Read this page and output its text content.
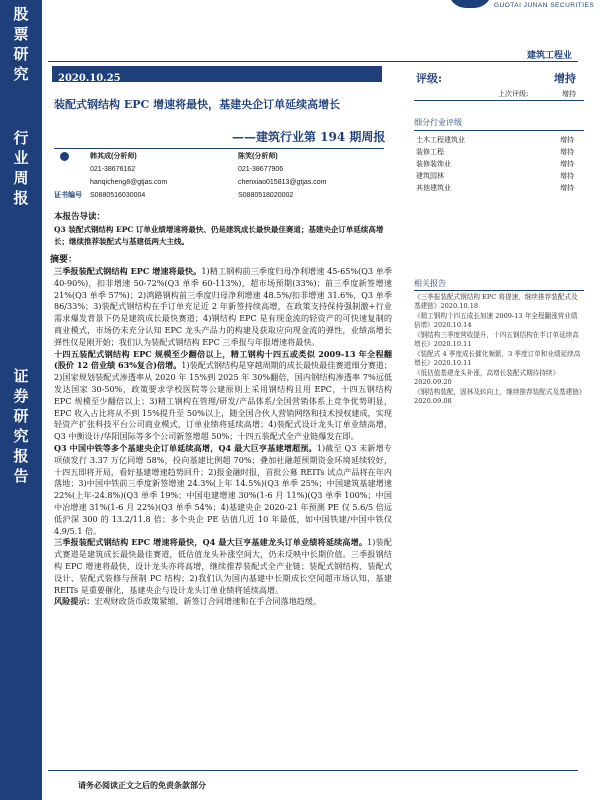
股
票
研
究
行
业
周
报
证
券
研
究
报
告
GUOTAI JUNAN SECURITIES
建筑工程业
2020.10.25
装配式钢结构 EPC 增速将最快，基建央企订单延续高增长
——建筑行业第 194 期周报
韩其成(分析师)	陈笑(分析师)
021-38676162	021-38677906
hanqicheng8@gtjas.com	chenxiao015813@gtjas.com
证书编号 S0880516030004	S0880518020002
评级:	增持
上次评级:	增持
细分行业评级
土木工程建筑业	增持
装修工程	增持
装修装饰业	增持
建筑园林	增持
其他建筑业	增持
相关报告
《三季报装配式钢结构 EPC 将提速，继续推荐装配式及基建链》2020.10.18
《精工钢构十四五成长加速 2009-13 年全程翻涨营业绩倍增》2020.10.14
《钢结构三季度营收提升，十四五钢结构在半订单延续高增长》2020.10.11
《装配式 4 季度成长催化频繁，3 季度订单和业绩延续高增长》2020.10.11
《低估值基建龙头补涨，高增长装配式期待持续》2020.09.20
《钢结构装配，固林及转向上，继续推荐装配式及基建链》2020.09.08
本报告导读：
Q3 装配式钢结构 EPC 订单业绩增速将最快、仍是建筑成长最快最佳赛道；基建央企订单延续高增长；继续推荐装配式与基建低两大主线。
摘要：

三季报装配式钢结构 EPC 增速将最快。1)精工钢构前三季度归母净利增速 45-65%(Q3 单季 40-90%)，扣非增速 50-72%(Q3 单季 60-113%)，超市场预期(33%)；前三季度新签增速 21%(Q3 单季 57%)；2)鸿路钢构前三季度归母净利增速 48.5%/扣非增速 31.6%，Q3 单季 86/33%；3)装配式钢结构在手订单充足近 2 年新签持续高增，在政策支持保持强制激+行业需求爆发背景下仍是建筑成长最快赛道；4)钢结构 EPC 是有现金流的轻资产的可快速复制的商业模式，市场仍未充分认知 EPC 龙头产品力的构建及获取应向现金流的弹性，业绩高增长弹性仅是刚开始；我们认为装配式钢结构 EPC 三季报与年报增速将最快。

十四五装配式钢结构 EPC 规模至少翻倍以上，精工钢构十四五或类似 2009-13 年全程翻(股价 12 倍业绩 63%复合)倍增。1)装配式钢结构是穿越周期的成长最快最佳赛道细分赛道；2)国家规划装配式渗透率从 2020 年 15%到 2025 年 30%翻倍，国内钢结构渗透率 7%远低发达国家 30-50%，政策要求学校医院等公建原则上采用钢结构且用 EPC，十四五钢结构 EPC 规模至少翻倍以上；3)精工钢构在管理/研发/产品体系/全国营销体系上竞争优势明显，EPC 收入占比将从不到 15%提升至 50%以上，随全国合伙人营销网络和技术授权建成，实现轻资产扩张科技平台公司商业模式，订单业绩将延续高增；4)装配式设计龙头订单业绩高增，Q3 中衡设计/华阳国际等多个公司新签增超 50%；十四五装配式全产业链爆发在即。

Q3 中国中铁等多个基建央企订单延续高增，Q4 最大巨亨基建增超预。1)截至 Q3 末新增专项债发行 3.37 万亿同增 58%，投向基建比例超 70%；叠加社融超预期资金环境延续较好，十四五即将开局，看好基建增速趋势回升；2)报金融时报，首批公募 REITs 试点产品将在年内落地；3)中国中铁前三季度新签增速 24.3%(上年 14.5%)(Q3 单季 25%；中国建筑基建增速 22%(上年-24.8%)(Q3 单季 19%；中国电建增速 30%(1-6 月 11%)(Q3 单季 100%；中国中冶增速 31%(1-6 月 22%)(Q3 单季 54%；4)基建央企 2020-21 年预测 PE 仅 5.6/5 倍远低沪深 300 的 13.2/11.8 倍；多个央企 PE 估值几近 10 年最低，如中国铁建/中国中铁仅 4.9/5.1 倍。

三季报装配式钢结构 EPC 增速将最快，Q4 最大巨亨基建龙头订单业绩将延续高增。1)装配式赛道是建筑成长最快最佳赛道，低估值龙头补涨空间大，仍未反映中长期价值。三季报钢结构 EPC 增速将最快，设计龙头亦将高增，继续推荐装配式全产业链；装配式钢结构、装配式设计、装配式装修与预制 PC 结构；2)我们认为国内基建中长期成长空间超市场认知，基建 REITs 是重要催化，基建央企与设计龙头订单业绩将延续高增。

风险提示：宏观财政货币政策紧缩、新签订合同增速和在手合同落地趋缓。

请务必阅读正文之后的免责条款部分
